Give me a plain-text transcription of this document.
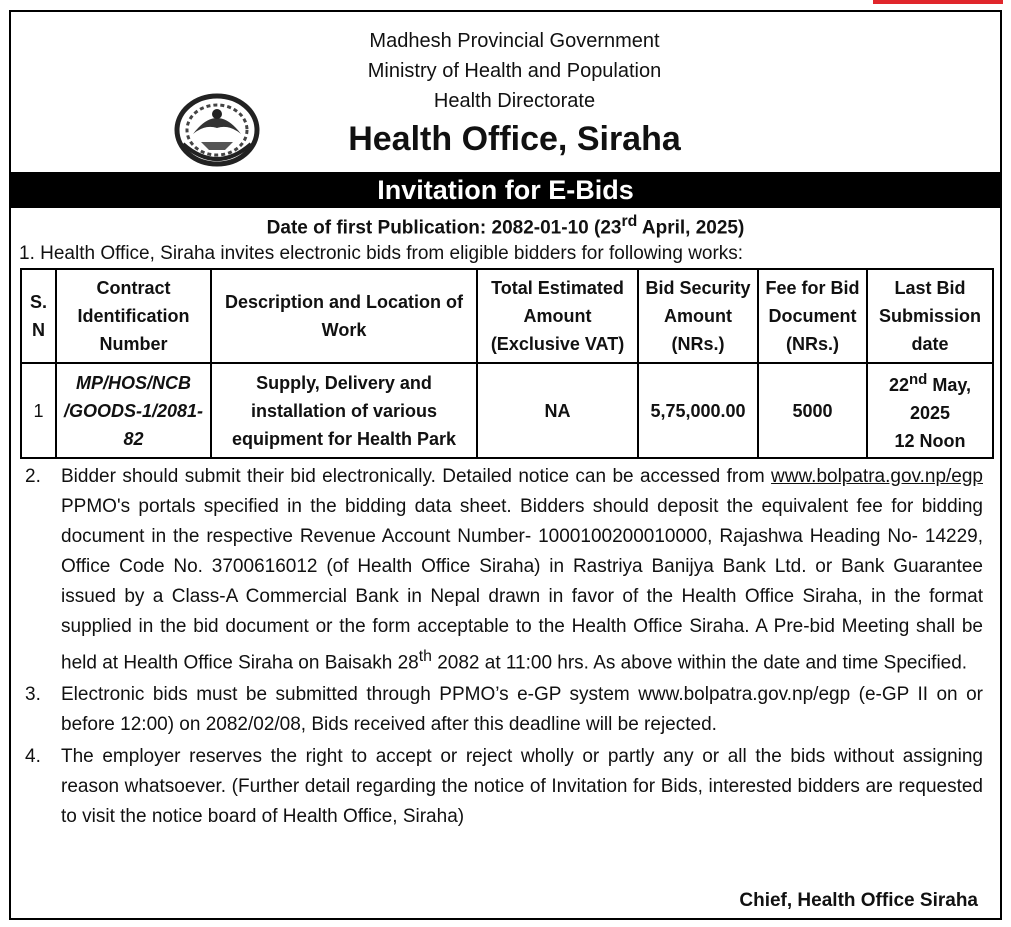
Madhesh Provincial Government
Ministry of Health and Population
Health Directorate
Health Office, Siraha
Invitation for E-Bids
Date of first Publication: 2082-01-10 (23rd April, 2025)
1. Health Office, Siraha invites electronic bids from eligible bidders for following works:
S. N	Contract Identification Number	Description and Location of Work	Total Estimated Amount (Exclusive VAT)	Bid Security Amount (NRs.)	Fee for Bid Document (NRs.)	Last Bid Submission date
1	MP/HOS/NCB /GOODS-1/2081-82	Supply, Delivery and installation of various equipment for Health Park	NA	5,75,000.00	5000	22nd May, 2025
12 Noon
2. Bidder should submit their bid electronically. Detailed notice can be accessed from www.bolpatra.gov.np/egp PPMO's portals specified in the bidding data sheet. Bidders should deposit the equivalent fee for bidding document in the respective Revenue Account Number- 1000100200010000, Rajashwa Heading No- 14229, Office Code No. 3700616012 (of Health Office Siraha) in Rastriya Banijya Bank Ltd. or Bank Guarantee issued by a Class-A Commercial Bank in Nepal drawn in favor of the Health Office Siraha, in the format supplied in the bid document or the form acceptable to the Health Office Siraha. A Pre-bid Meeting shall be held at Health Office Siraha on Baisakh 28th 2082 at 11:00 hrs. As above within the date and time Specified.
3. Electronic bids must be submitted through PPMO’s e-GP system www.bolpatra.gov.np/egp (e-GP II on or before 12:00) on 2082/02/08, Bids received after this deadline will be rejected.
4. The employer reserves the right to accept or reject wholly or partly any or all the bids without assigning reason whatsoever. (Further detail regarding the notice of Invitation for Bids, interested bidders are requested to visit the notice board of Health Office, Siraha)
Chief, Health Office Siraha
